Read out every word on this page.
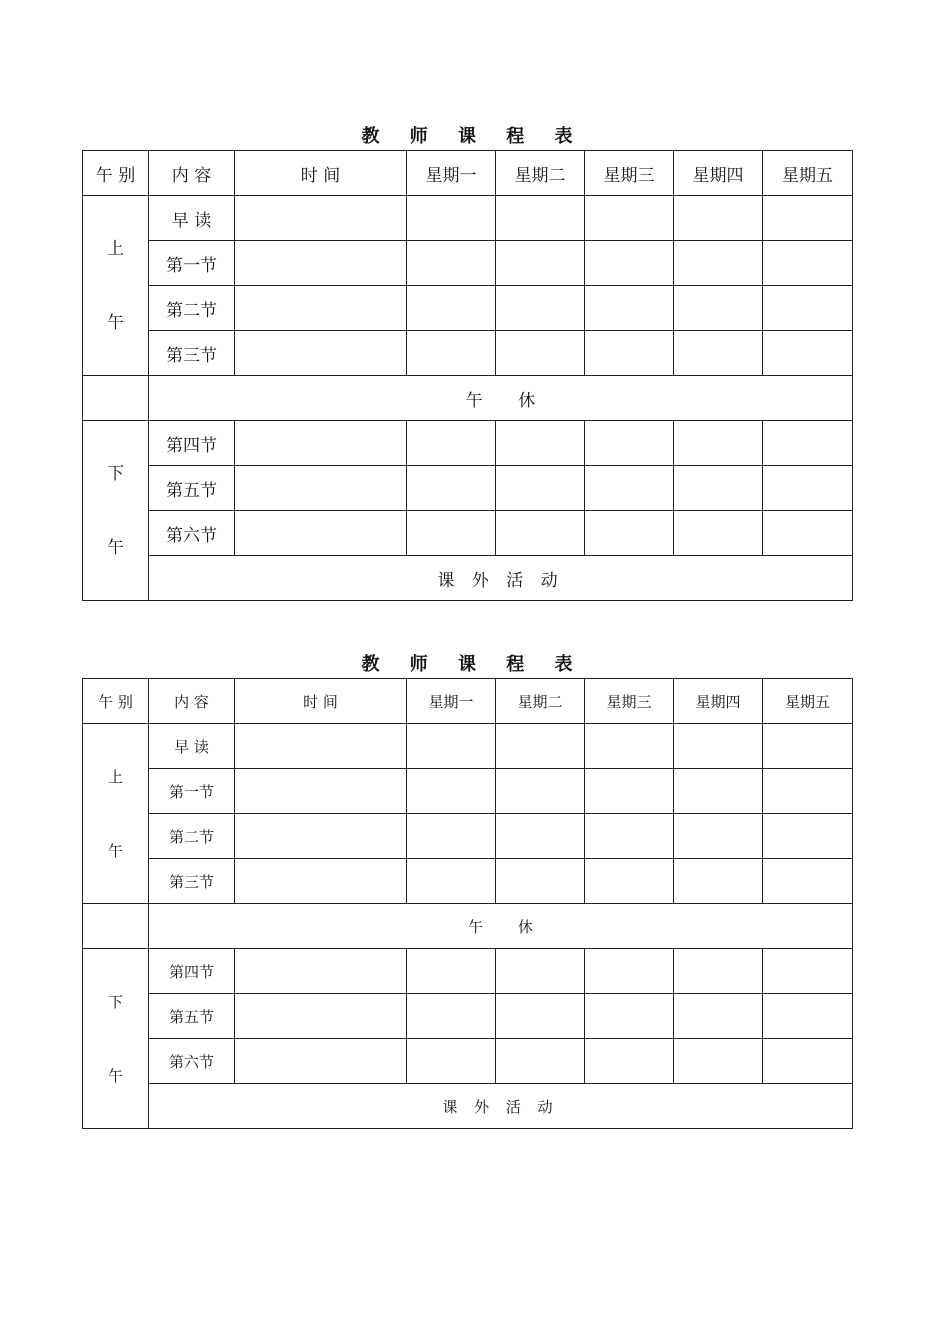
教 师 课 程 表
午 别	内 容	时 间	星期一	星期二	星期三	星期四	星期五

上
午	早 读						
	第一节						
	第二节						
	第三节						
	午 休						

下
午	第四节						
	第五节						
	第六节						
	课 外 活 动						
教 师 课 程 表
午 别	内 容	时 间	星期一	星期二	星期三	星期四	星期五

上
午	早 读						
	第一节						
	第二节						
	第三节						
	午 休						

下
午	第四节						
	第五节						
	第六节						
	课 外 活 动						
